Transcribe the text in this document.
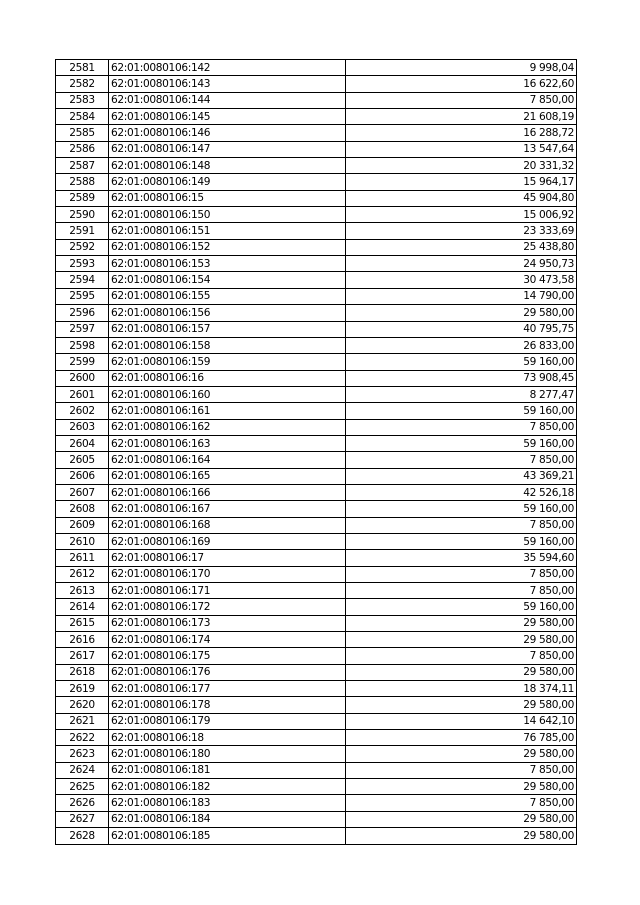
2581	62:01:0080106:142	9 998,04
2582	62:01:0080106:143	16 622,60
2583	62:01:0080106:144	7 850,00
2584	62:01:0080106:145	21 608,19
2585	62:01:0080106:146	16 288,72
2586	62:01:0080106:147	13 547,64
2587	62:01:0080106:148	20 331,32
2588	62:01:0080106:149	15 964,17
2589	62:01:0080106:15	45 904,80
2590	62:01:0080106:150	15 006,92
2591	62:01:0080106:151	23 333,69
2592	62:01:0080106:152	25 438,80
2593	62:01:0080106:153	24 950,73
2594	62:01:0080106:154	30 473,58
2595	62:01:0080106:155	14 790,00
2596	62:01:0080106:156	29 580,00
2597	62:01:0080106:157	40 795,75
2598	62:01:0080106:158	26 833,00
2599	62:01:0080106:159	59 160,00
2600	62:01:0080106:16	73 908,45
2601	62:01:0080106:160	8 277,47
2602	62:01:0080106:161	59 160,00
2603	62:01:0080106:162	7 850,00
2604	62:01:0080106:163	59 160,00
2605	62:01:0080106:164	7 850,00
2606	62:01:0080106:165	43 369,21
2607	62:01:0080106:166	42 526,18
2608	62:01:0080106:167	59 160,00
2609	62:01:0080106:168	7 850,00
2610	62:01:0080106:169	59 160,00
2611	62:01:0080106:17	35 594,60
2612	62:01:0080106:170	7 850,00
2613	62:01:0080106:171	7 850,00
2614	62:01:0080106:172	59 160,00
2615	62:01:0080106:173	29 580,00
2616	62:01:0080106:174	29 580,00
2617	62:01:0080106:175	7 850,00
2618	62:01:0080106:176	29 580,00
2619	62:01:0080106:177	18 374,11
2620	62:01:0080106:178	29 580,00
2621	62:01:0080106:179	14 642,10
2622	62:01:0080106:18	76 785,00
2623	62:01:0080106:180	29 580,00
2624	62:01:0080106:181	7 850,00
2625	62:01:0080106:182	29 580,00
2626	62:01:0080106:183	7 850,00
2627	62:01:0080106:184	29 580,00
2628	62:01:0080106:185	29 580,00
